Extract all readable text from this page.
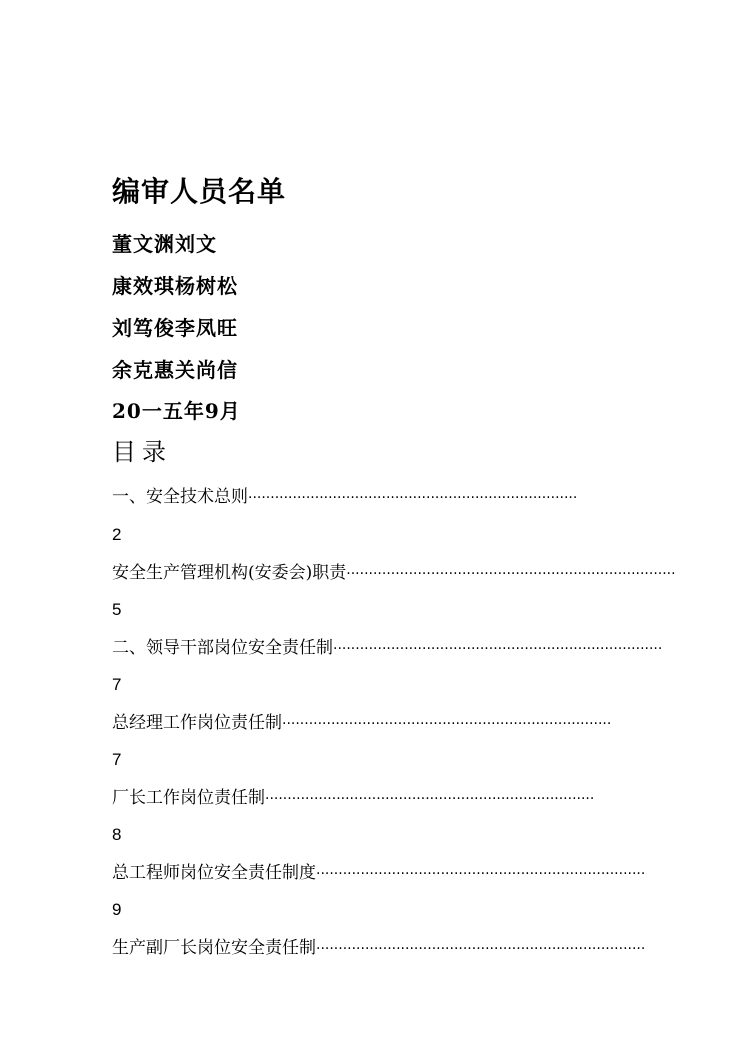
编审人员名单
董文渊刘文
康效琪杨树松
刘笃俊李凤旺
余克惠关尚信
20一五年9月
目录
一、安全技术总则 ··········································································
2
安全生产管理机构(安委会)职责 ··········································································
5
二、领导干部岗位安全责任制 ··········································································
7
总经理工作岗位责任制 ··········································································
7
厂长工作岗位责任制 ··········································································
8
总工程师岗位安全责任制度 ··········································································
9
生产副厂长岗位安全责任制 ··········································································
